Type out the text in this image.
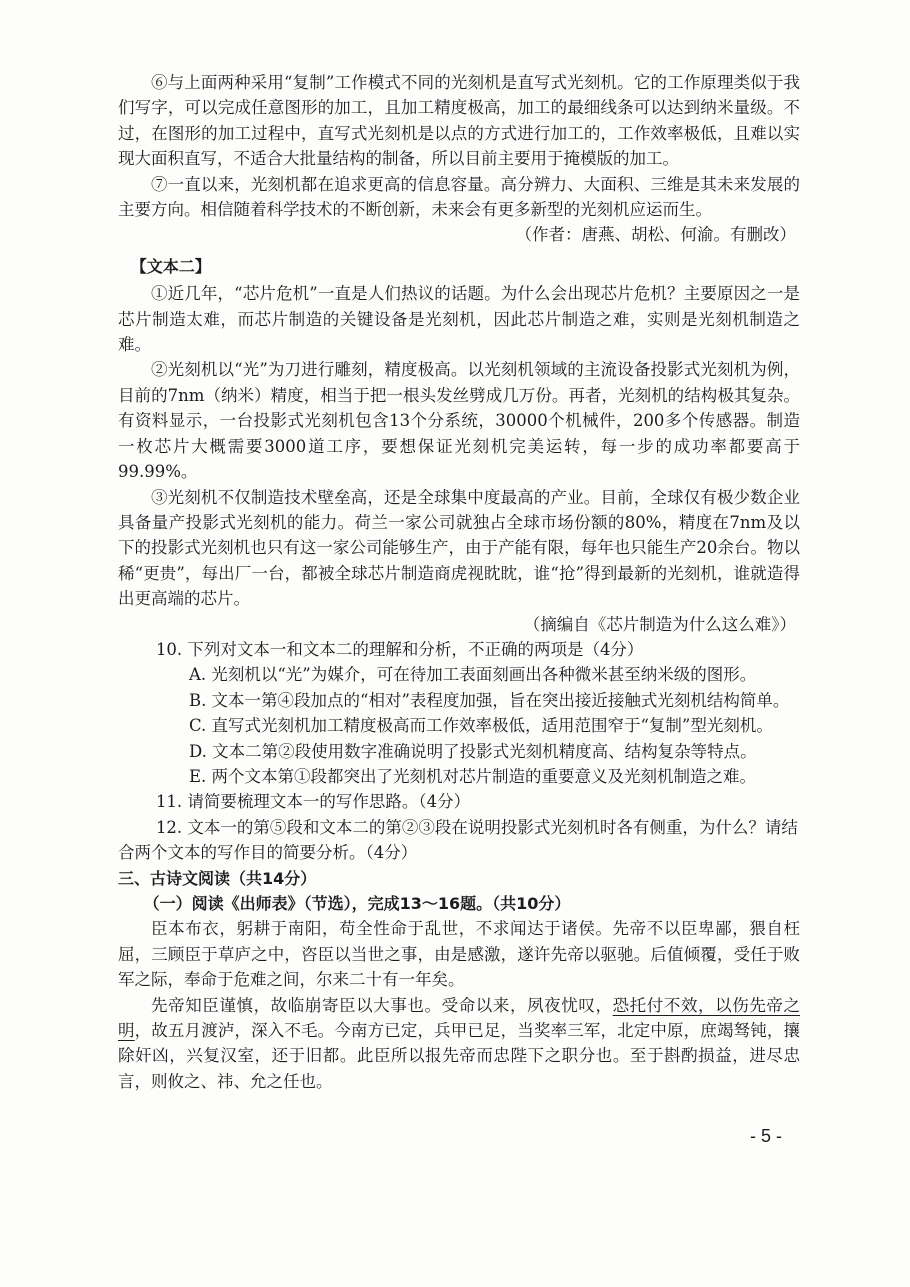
⑥与上面两种采用“复制”工作模式不同的光刻机是直写式光刻机。它的工作原理类似于我们写字，可以完成任意图形的加工，且加工精度极高，加工的最细线条可以达到纳米量级。不过，在图形的加工过程中，直写式光刻机是以点的方式进行加工的，工作效率极低，且难以实现大面积直写，不适合大批量结构的制备，所以目前主要用于掩模版的加工。

⑦一直以来，光刻机都在追求更高的信息容量。高分辨力、大面积、三维是其未来发展的主要方向。相信随着科学技术的不断创新，未来会有更多新型的光刻机应运而生。

（作者：唐燕、胡松、何渝。有删改）

【文本二】

①近几年，“芯片危机”一直是人们热议的话题。为什么会出现芯片危机？主要原因之一是芯片制造太难，而芯片制造的关键设备是光刻机，因此芯片制造之难，实则是光刻机制造之难。

②光刻机以“光”为刀进行雕刻，精度极高。以光刻机领域的主流设备投影式光刻机为例，目前的7nm（纳米）精度，相当于把一根头发丝劈成几万份。再者，光刻机的结构极其复杂。有资料显示，一台投影式光刻机包含13个分系统，30000个机械件，200多个传感器。制造一枚芯片大概需要3000道工序，要想保证光刻机完美运转，每一步的成功率都要高于99.99%。

③光刻机不仅制造技术壁垒高，还是全球集中度最高的产业。目前，全球仅有极少数企业具备量产投影式光刻机的能力。荷兰一家公司就独占全球市场份额的80%，精度在7nm及以下的投影式光刻机也只有这一家公司能够生产，由于产能有限，每年也只能生产20余台。物以稀“更贵”，每出厂一台，都被全球芯片制造商虎视眈眈，谁“抢”得到最新的光刻机，谁就造得出更高端的芯片。

（摘编自《芯片制造为什么这么难》）

10. 下列对文本一和文本二的理解和分析，不正确的两项是（4分）

A. 光刻机以“光”为媒介，可在待加工表面刻画出各种微米甚至纳米级的图形。

B. 文本一第④段加点的“相对”表程度加强，旨在突出接近接触式光刻机结构简单。

C. 直写式光刻机加工精度极高而工作效率极低，适用范围窄于“复制”型光刻机。

D. 文本二第②段使用数字准确说明了投影式光刻机精度高、结构复杂等特点。

E. 两个文本第①段都突出了光刻机对芯片制造的重要意义及光刻机制造之难。

11. 请简要梳理文本一的写作思路。（4分）

12. 文本一的第⑤段和文本二的第②③段在说明投影式光刻机时各有侧重，为什么？请结合两个文本的写作目的简要分析。（4分）

三、古诗文阅读（共14分）

（一）阅读《出师表》（节选），完成13～16题。（共10分）

臣本布衣，躬耕于南阳，苟全性命于乱世，不求闻达于诸侯。先帝不以臣卑鄙，猥自枉屈，三顾臣于草庐之中，咨臣以当世之事，由是感激，遂许先帝以驱驰。后值倾覆，受任于败军之际，奉命于危难之间，尔来二十有一年矣。

先帝知臣谨慎，故临崩寄臣以大事也。受命以来，夙夜忧叹，恐托付不效，以伤先帝之明，故五月渡泸，深入不毛。今南方已定，兵甲已足，当奖率三军，北定中原，庶竭驽钝，攘除奸凶，兴复汉室，还于旧都。此臣所以报先帝而忠陛下之职分也。至于斟酌损益，进尽忠言，则攸之、祎、允之任也。

- 5 -
